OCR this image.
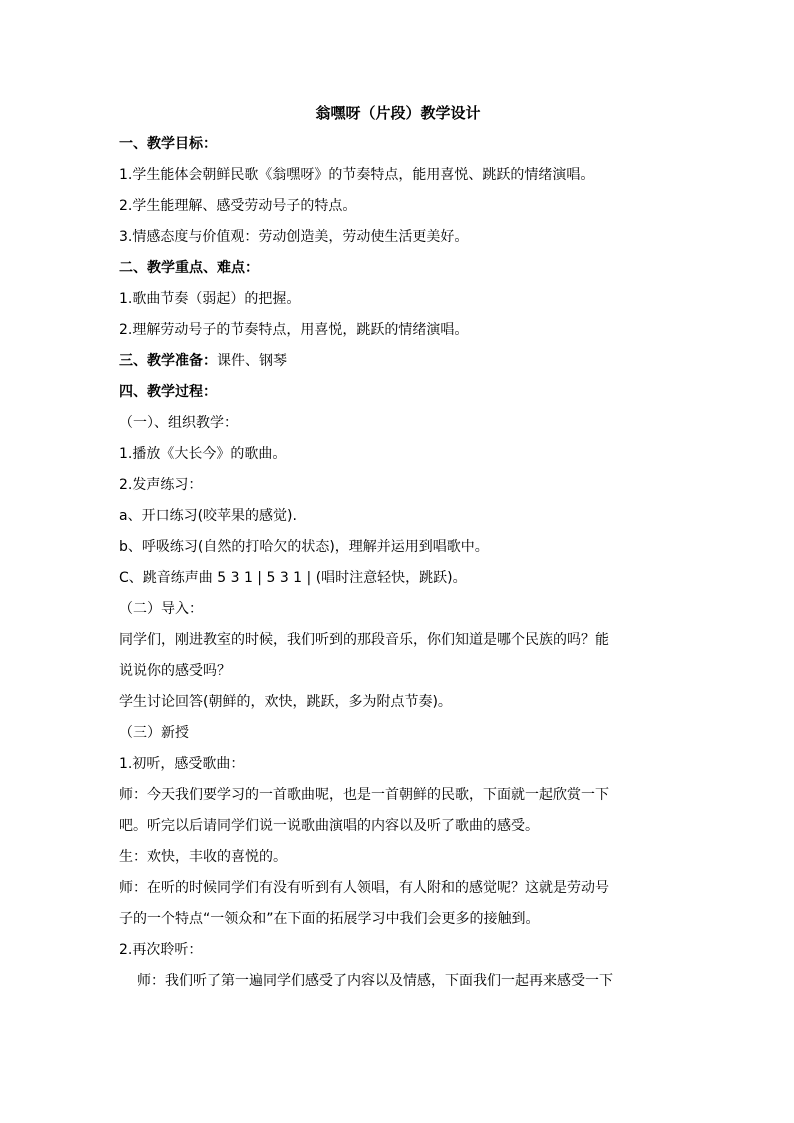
翁嘿呀（片段）教学设计
一、教学目标：
1.学生能体会朝鲜民歌《翁嘿呀》的节奏特点，能用喜悦、跳跃的情绪演唱。
2.学生能理解、感受劳动号子的特点。
3.情感态度与价值观：劳动创造美，劳动使生活更美好。
二、教学重点、难点：
1.歌曲节奏（弱起）的把握。
2.理解劳动号子的节奏特点，用喜悦，跳跃的情绪演唱。
三、教学准备：课件、钢琴
四、教学过程：
（一）、组织教学：
1.播放《大长今》的歌曲。
2.发声练习：
a、开口练习(咬苹果的感觉).
b、呼吸练习(自然的打哈欠的状态)，理解并运用到唱歌中。
C、跳音练声曲 5 3 1 | 5 3 1 | (唱时注意轻快，跳跃)。
（二）导入：
同学们，刚进教室的时候，我们听到的那段音乐，你们知道是哪个民族的吗？能
说说你的感受吗？
学生讨论回答(朝鲜的，欢快，跳跃，多为附点节奏)。
（三）新授
1.初听，感受歌曲：
师：今天我们要学习的一首歌曲呢，也是一首朝鲜的民歌，下面就一起欣赏一下
吧。听完以后请同学们说一说歌曲演唱的内容以及听了歌曲的感受。
生：欢快，丰收的喜悦的。
师：在听的时候同学们有没有听到有人领唱，有人附和的感觉呢？这就是劳动号
子的一个特点“一领众和”在下面的拓展学习中我们会更多的接触到。
2.再次聆听：
师：我们听了第一遍同学们感受了内容以及情感，下面我们一起再来感受一下
